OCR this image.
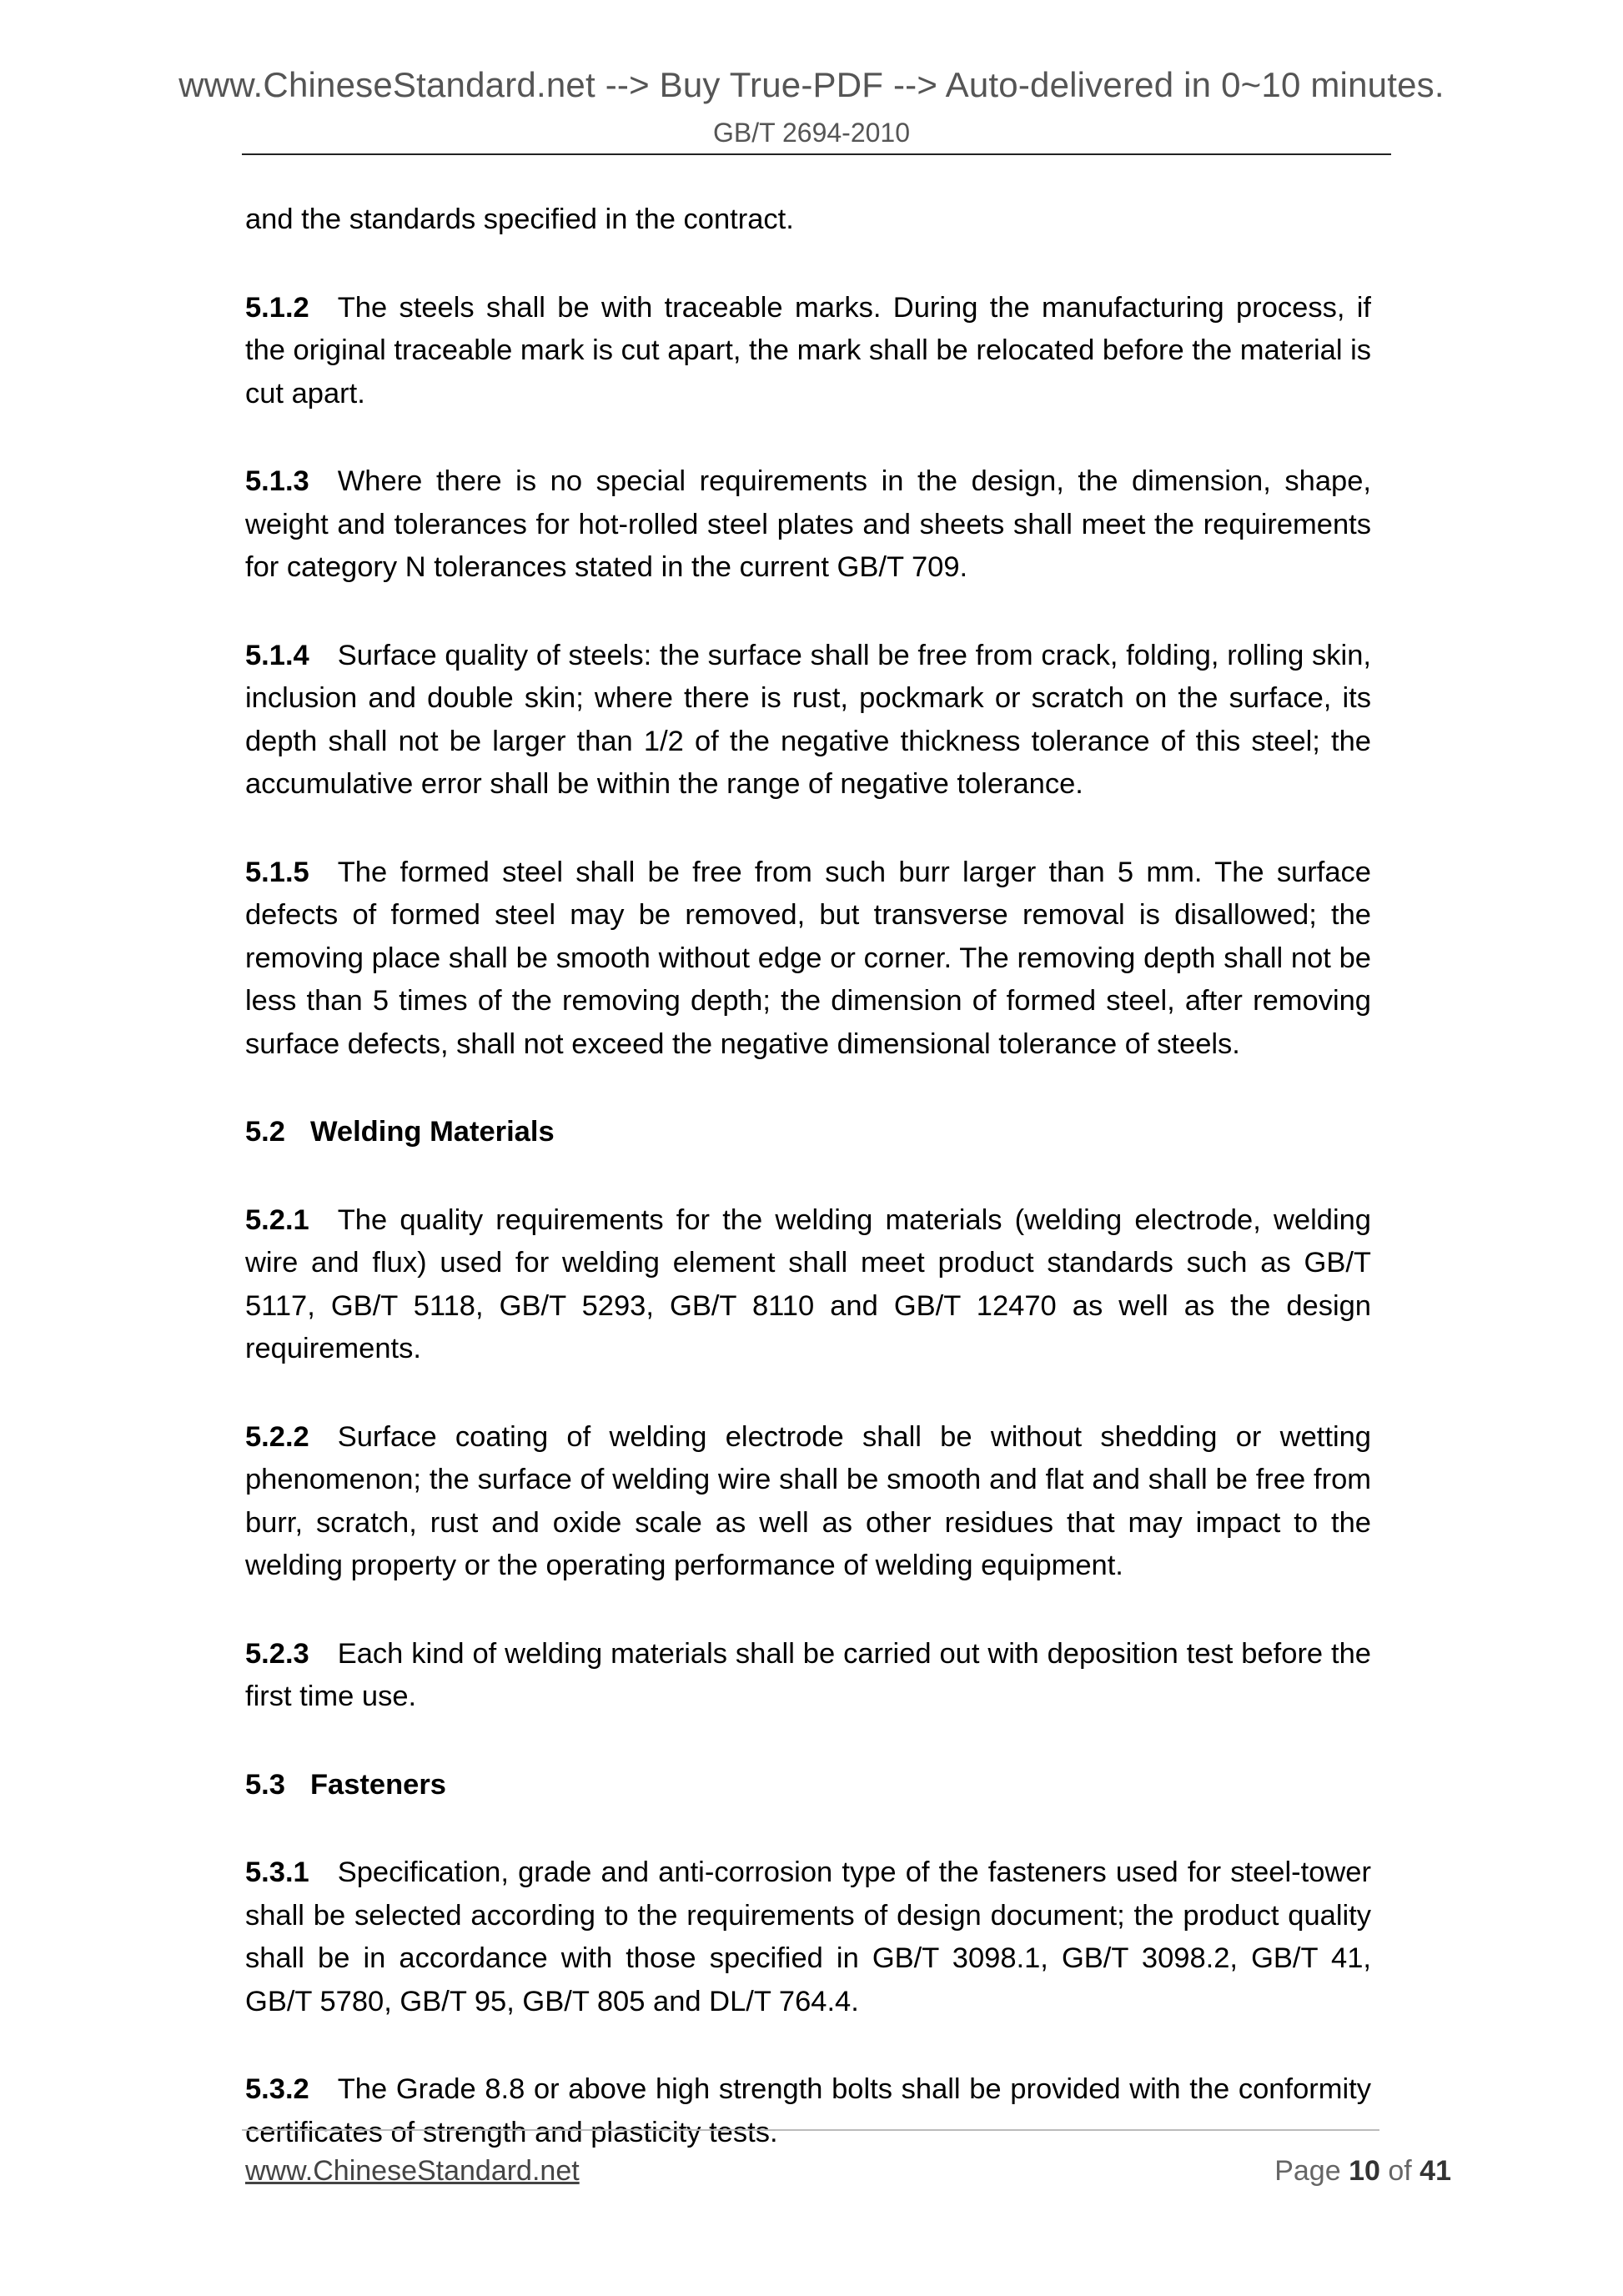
www.ChineseStandard.net --> Buy True-PDF --> Auto-delivered in 0~10 minutes.
GB/T 2694-2010

and the standards specified in the contract.

5.1.2 The steels shall be with traceable marks. During the manufacturing process, if the original traceable mark is cut apart, the mark shall be relocated before the material is cut apart.

5.1.3 Where there is no special requirements in the design, the dimension, shape, weight and tolerances for hot-rolled steel plates and sheets shall meet the requirements for category N tolerances stated in the current GB/T 709.

5.1.4 Surface quality of steels: the surface shall be free from crack, folding, rolling skin, inclusion and double skin; where there is rust, pockmark or scratch on the surface, its depth shall not be larger than 1/2 of the negative thickness tolerance of this steel; the accumulative error shall be within the range of negative tolerance.

5.1.5 The formed steel shall be free from such burr larger than 5 mm. The surface defects of formed steel may be removed, but transverse removal is disallowed; the removing place shall be smooth without edge or corner. The removing depth shall not be less than 5 times of the removing depth; the dimension of formed steel, after removing surface defects, shall not exceed the negative dimensional tolerance of steels.

5.2 Welding Materials

5.2.1 The quality requirements for the welding materials (welding electrode, welding wire and flux) used for welding element shall meet product standards such as GB/T 5117, GB/T 5118, GB/T 5293, GB/T 8110 and GB/T 12470 as well as the design requirements.

5.2.2 Surface coating of welding electrode shall be without shedding or wetting phenomenon; the surface of welding wire shall be smooth and flat and shall be free from burr, scratch, rust and oxide scale as well as other residues that may impact to the welding property or the operating performance of welding equipment.

5.2.3 Each kind of welding materials shall be carried out with deposition test before the first time use.

5.3 Fasteners

5.3.1 Specification, grade and anti-corrosion type of the fasteners used for steel-tower shall be selected according to the requirements of design document; the product quality shall be in accordance with those specified in GB/T 3098.1, GB/T 3098.2, GB/T 41, GB/T 5780, GB/T 95, GB/T 805 and DL/T 764.4.

5.3.2 The Grade 8.8 or above high strength bolts shall be provided with the conformity certificates of strength and plasticity tests.

www.ChineseStandard.net	Page 10 of 41
